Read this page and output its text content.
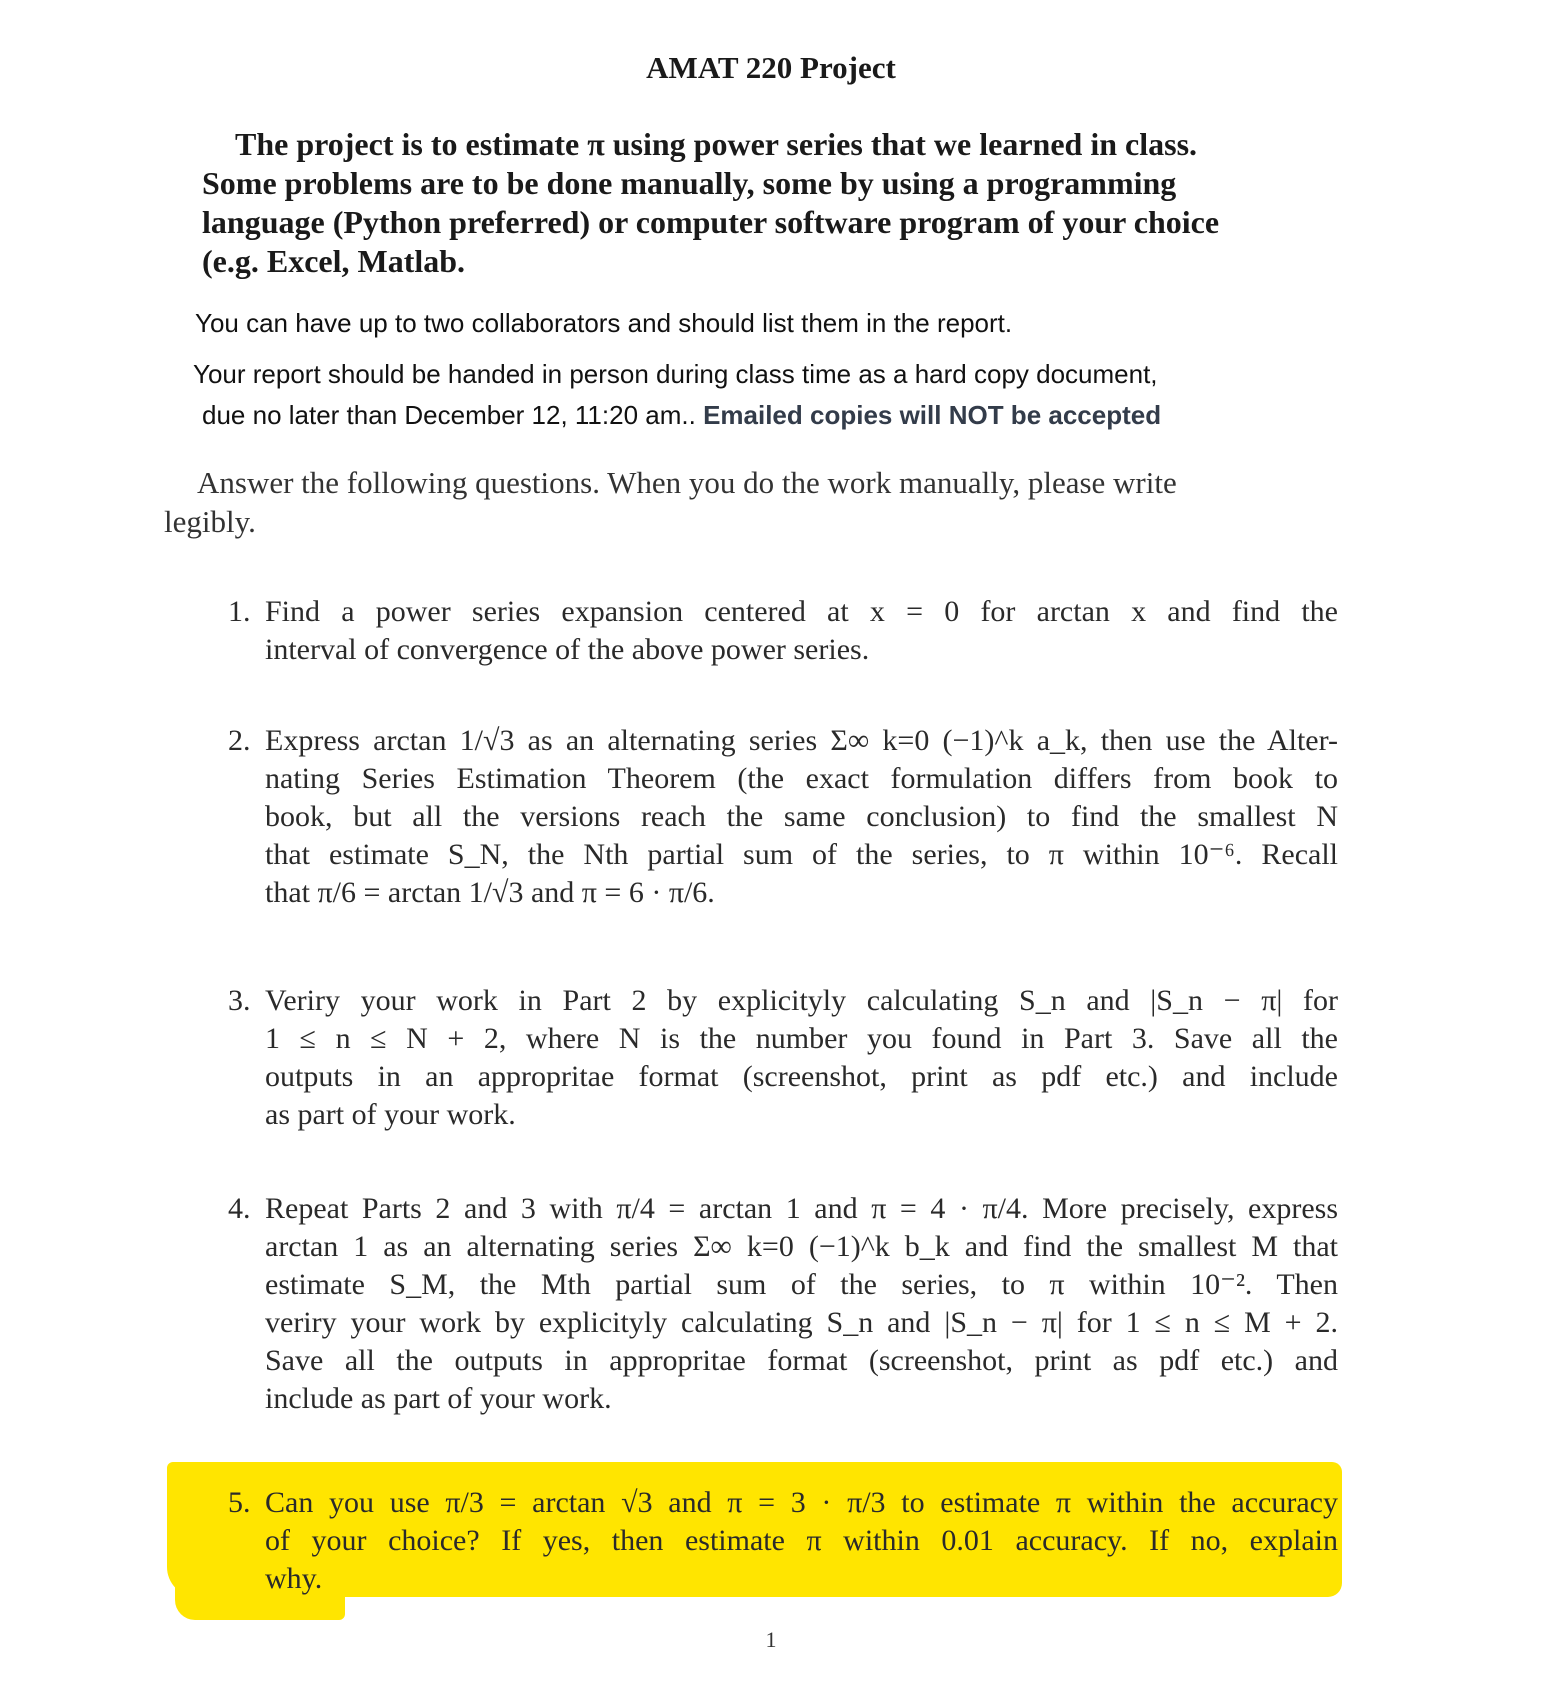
AMAT 220 Project
The project is to estimate π using power series that we learned in class.
Some problems are to be done manually, some by using a programming
language (Python preferred) or computer software program of your choice
(e.g. Excel, Matlab.
You can have up to two collaborators and should list them in the report.
Your report should be handed in person during class time as a hard copy document,
due no later than December 12, 11:20 am.. Emailed copies will NOT be accepted
Answer the following questions. When you do the work manually, please write
legibly.
1. Find a power series expansion centered at x = 0 for arctan x and find the
interval of convergence of the above power series.
2. Express arctan 1/√3 as an alternating series Σ∞ k=0 (−1)^k a_k, then use the Alter-
nating Series Estimation Theorem (the exact formulation differs from book to
book, but all the versions reach the same conclusion) to find the smallest N
that estimate S_N, the Nth partial sum of the series, to π within 10⁻⁶. Recall
that π/6 = arctan 1/√3 and π = 6 · π/6.
3. Veriry your work in Part 2 by explicityly calculating S_n and |S_n − π| for
1 ≤ n ≤ N + 2, where N is the number you found in Part 3. Save all the
outputs in an appropritae format (screenshot, print as pdf etc.) and include
as part of your work.
4. Repeat Parts 2 and 3 with π/4 = arctan 1 and π = 4 · π/4. More precisely, express
arctan 1 as an alternating series Σ∞ k=0 (−1)^k b_k and find the smallest M that
estimate S_M, the Mth partial sum of the series, to π within 10⁻². Then
veriry your work by explicityly calculating S_n and |S_n − π| for 1 ≤ n ≤ M + 2.
Save all the outputs in appropritae format (screenshot, print as pdf etc.) and
include as part of your work.
5. Can you use π/3 = arctan √3 and π = 3 · π/3 to estimate π within the accuracy
of your choice? If yes, then estimate π within 0.01 accuracy. If no, explain
why.
1
